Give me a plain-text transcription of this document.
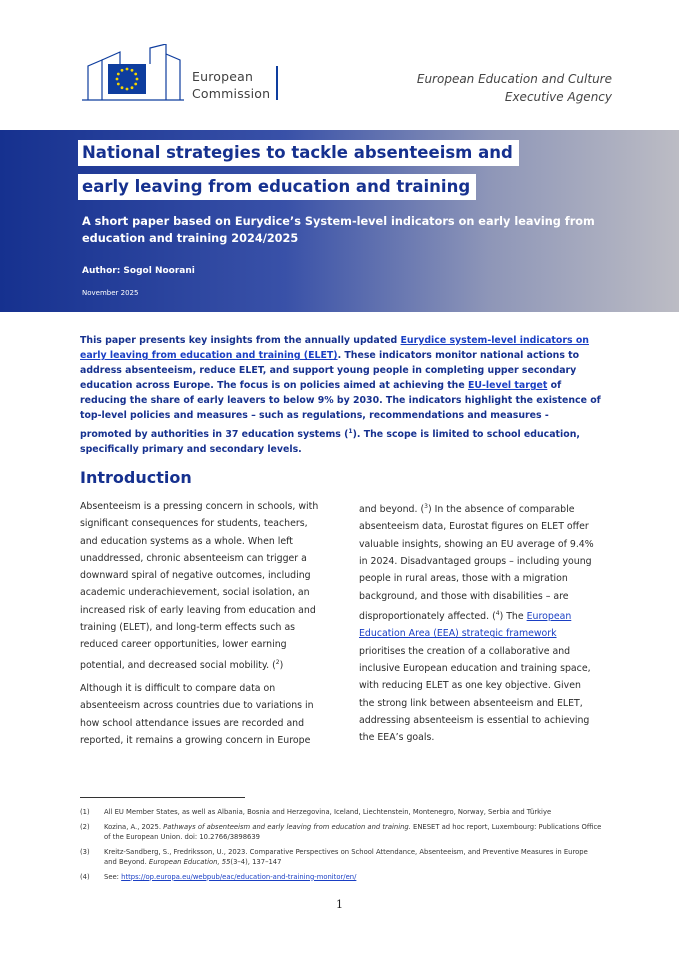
European
Commission
European Education and Culture
Executive Agency
National strategies to tackle absenteeism and
early leaving from education and training
A short paper based on Eurydice’s System-level indicators on early leaving from education and training 2024/2025
Author: Sogol Noorani
November 2025
This paper presents key insights from the annually updated Eurydice system-level indicators on early leaving from education and training (ELET). These indicators monitor national actions to address absenteeism, reduce ELET, and support young people in completing upper secondary education across Europe. The focus is on policies aimed at achieving the EU-level target of reducing the share of early leavers to below 9% by 2030. The indicators highlight the existence of top-level policies and measures – such as regulations, recommendations and measures - promoted by authorities in 37 education systems ($^1$). The scope is limited to school education, specifically primary and secondary levels.
Introduction

Absenteeism is a pressing concern in schools, with significant consequences for students, teachers, and education systems as a whole. When left unaddressed, chronic absenteeism can trigger a downward spiral of negative outcomes, including academic underachievement, social isolation, an increased risk of early leaving from education and training (ELET), and long-term effects such as reduced career opportunities, lower earning potential, and decreased social mobility. ($^2$)

Although it is difficult to compare data on absenteeism across countries due to variations in how school attendance issues are recorded and reported, it remains a growing concern in Europe

and beyond. ($^3$) In the absence of comparable absenteeism data, Eurostat figures on ELET offer valuable insights, showing an EU average of 9.4% in 2024. Disadvantaged groups – including young people in rural areas, those with a migration background, and those with disabilities – are disproportionately affected. ($^4$) The European Education Area (EEA) strategic framework prioritises the creation of a collaborative and inclusive European education and training space, with reducing ELET as one key objective. Given the strong link between absenteeism and ELET, addressing absenteeism is essential to achieving the EEA’s goals.

(1)	All EU Member States, as well as Albania, Bosnia and Herzegovina, Iceland, Liechtenstein, Montenegro, Norway, Serbia and Türkiye
(2)	Kozina, A., 2025. Pathways of absenteeism and early leaving from education and training. ENESET ad hoc report, Luxembourg: Publications Office of the European Union. doi: 10.2766/3898639
(3)	Kreitz-Sandberg, S., Fredriksson, U., 2023. Comparative Perspectives on School Attendance, Absenteeism, and Preventive Measures in Europe and Beyond. European Education, 55(3–4), 137–147
(4)	See: https://op.europa.eu/webpub/eac/education-and-training-monitor/en/
1
